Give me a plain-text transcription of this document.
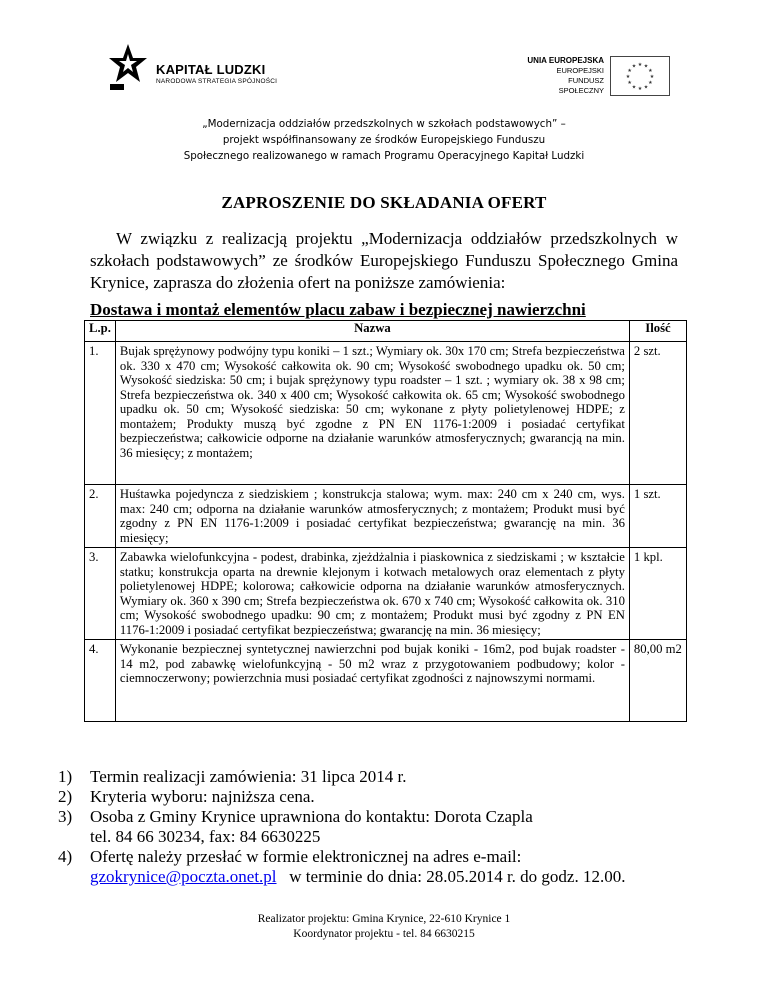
KAPITAŁ LUDZKI
NARODOWA STRATEGIA SPÓJNOŚCI
UNIA EUROPEJSKA
EUROPEJSKI
FUNDUSZ SPOŁECZNY
★
★
★
★
★
★
★
★
★ ★ ★
★
„Modernizacja oddziałów przedszkolnych w szkołach podstawowych” –
projekt współfinansowany ze środków Europejskiego Funduszu
Społecznego realizowanego w ramach Programu Operacyjnego Kapitał Ludzki
ZAPROSZENIE DO SKŁADANIA OFERT
W związku z realizacją projektu „Modernizacja oddziałów przedszkolnych w szkołach podstawowych” ze środków Europejskiego Funduszu Społecznego Gmina Krynice, zaprasza do złożenia ofert na poniższe zamówienia:
Dostawa i montaż elementów placu zabaw i bezpiecznej nawierzchni
L.p.	Nazwa	Ilość
1.	Bujak sprężynowy podwójny typu koniki – 1 szt.; Wymiary ok. 30x 170 cm; Strefa bezpieczeństwa ok. 330 x 470 cm; Wysokość całkowita ok. 90 cm; Wysokość swobodnego upadku ok. 50 cm; Wysokość siedziska: 50 cm; i bujak sprężynowy typu roadster – 1 szt. ; wymiary ok. 38 x 98 cm; Strefa bezpieczeństwa ok. 340 x 400 cm; Wysokość całkowita ok. 65 cm; Wysokość swobodnego upadku ok. 50 cm; Wysokość siedziska: 50 cm; wykonane z płyty polietylenowej HDPE; z montażem; Produkty muszą być zgodne z PN EN 1176-1:2009 i posiadać certyfikat bezpieczeństwa; całkowicie odporne na działanie warunków atmosferycznych; gwarancją na min. 36 miesięcy; z montażem;	2 szt.
2.	Huśtawka pojedyncza z siedziskiem ; konstrukcja stalowa; wym. max: 240 cm x 240 cm, wys. max: 240 cm; odporna na działanie warunków atmosferycznych; z montażem; Produkt musi być zgodny z PN EN 1176-1:2009 i posiadać certyfikat bezpieczeństwa; gwarancję na min. 36 miesięcy;	1 szt.
3.	Zabawka wielofunkcyjna - podest, drabinka, zjeżdżalnia i piaskownica z siedziskami ; w kształcie statku; konstrukcja oparta na drewnie klejonym i kotwach metalowych oraz elementach z płyty polietylenowej HDPE; kolorowa; całkowicie odporna na działanie warunków atmosferycznych. Wymiary ok. 360 x 390 cm; Strefa bezpieczeństwa ok. 670 x 740 cm; Wysokość całkowita ok. 310 cm; Wysokość swobodnego upadku: 90 cm; z montażem; Produkt musi być zgodny z PN EN 1176-1:2009 i posiadać certyfikat bezpieczeństwa; gwarancję na min. 36 miesięcy;	1 kpl.
4.	Wykonanie bezpiecznej syntetycznej nawierzchni pod bujak koniki - 16m2, pod bujak roadster - 14 m2, pod zabawkę wielofunkcyjną - 50 m2 wraz z przygotowaniem podbudowy; kolor -ciemnoczerwony; powierzchnia musi posiadać certyfikat zgodności z najnowszymi normami.	80,00 m2
1)	Termin realizacji zamówienia: 31 lipca 2014 r.
2)	Kryteria wyboru: najniższa cena.
3)	Osoba z Gminy Krynice uprawniona do kontaktu: Dorota Czapla
tel. 84 66 30234, fax: 84 6630225
4)	Ofertę należy przesłać w formie elektronicznej na adres e-mail:
gzokrynice@poczta.onet.pl w terminie do dnia: 28.05.2014 r. do godz. 12.00.
Realizator projektu: Gmina Krynice, 22-610 Krynice 1
Koordynator projektu - tel. 84 6630215
